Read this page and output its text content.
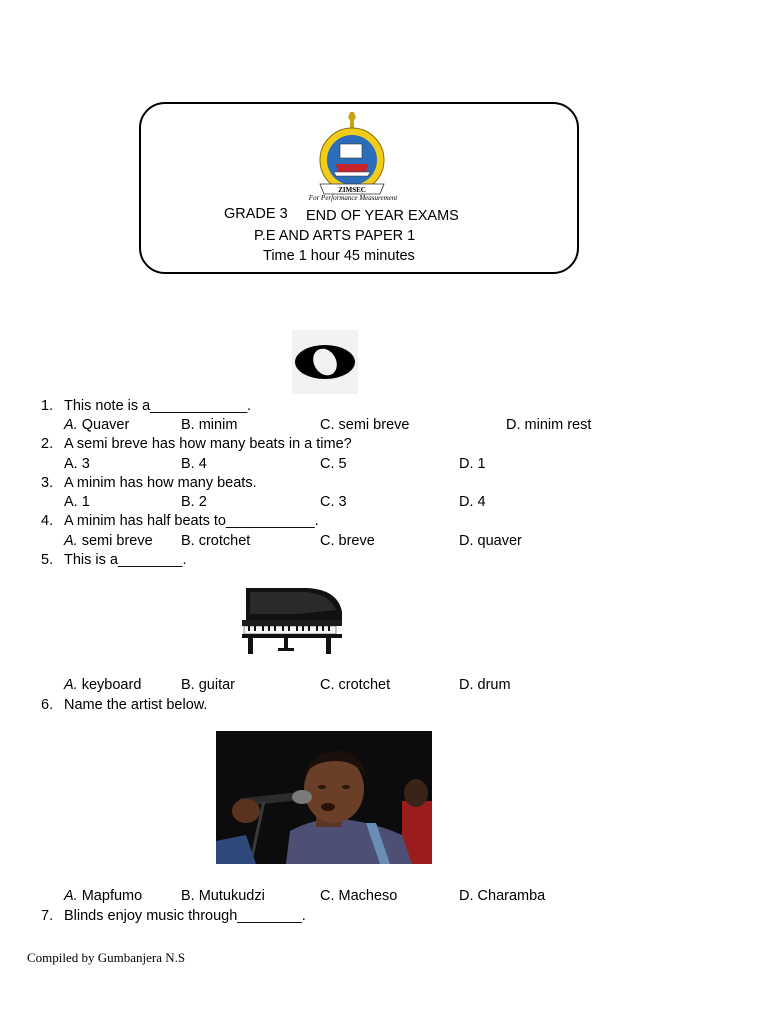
ZIMSEC
For Performance Measurement
GRADE 3 END OF YEAR EXAMS
P.E AND ARTS PAPER 1
Time 1 hour 45 minutes
1. This note is a____________.
A. Quaver	B. minim	C. semi breve	D. minim rest
2. A semi breve has how many beats in a time?
A. 3	B. 4	C. 5	D. 1
3. A minim has how many beats.
A. 1	B. 2	C. 3	D. 4
4. A minim has half beats to___________.
A. semi breve B. crotchet	C. breve	D. quaver
5. This is a________.
A. keyboard	B. guitar	C. crotchet	D. drum
6. Name the artist below.
A. Mapfumo	B. Mutukudzi	C. Macheso	D. Charamba
7. Blinds enjoy music through________.
Compiled by Gumbanjera N.S
